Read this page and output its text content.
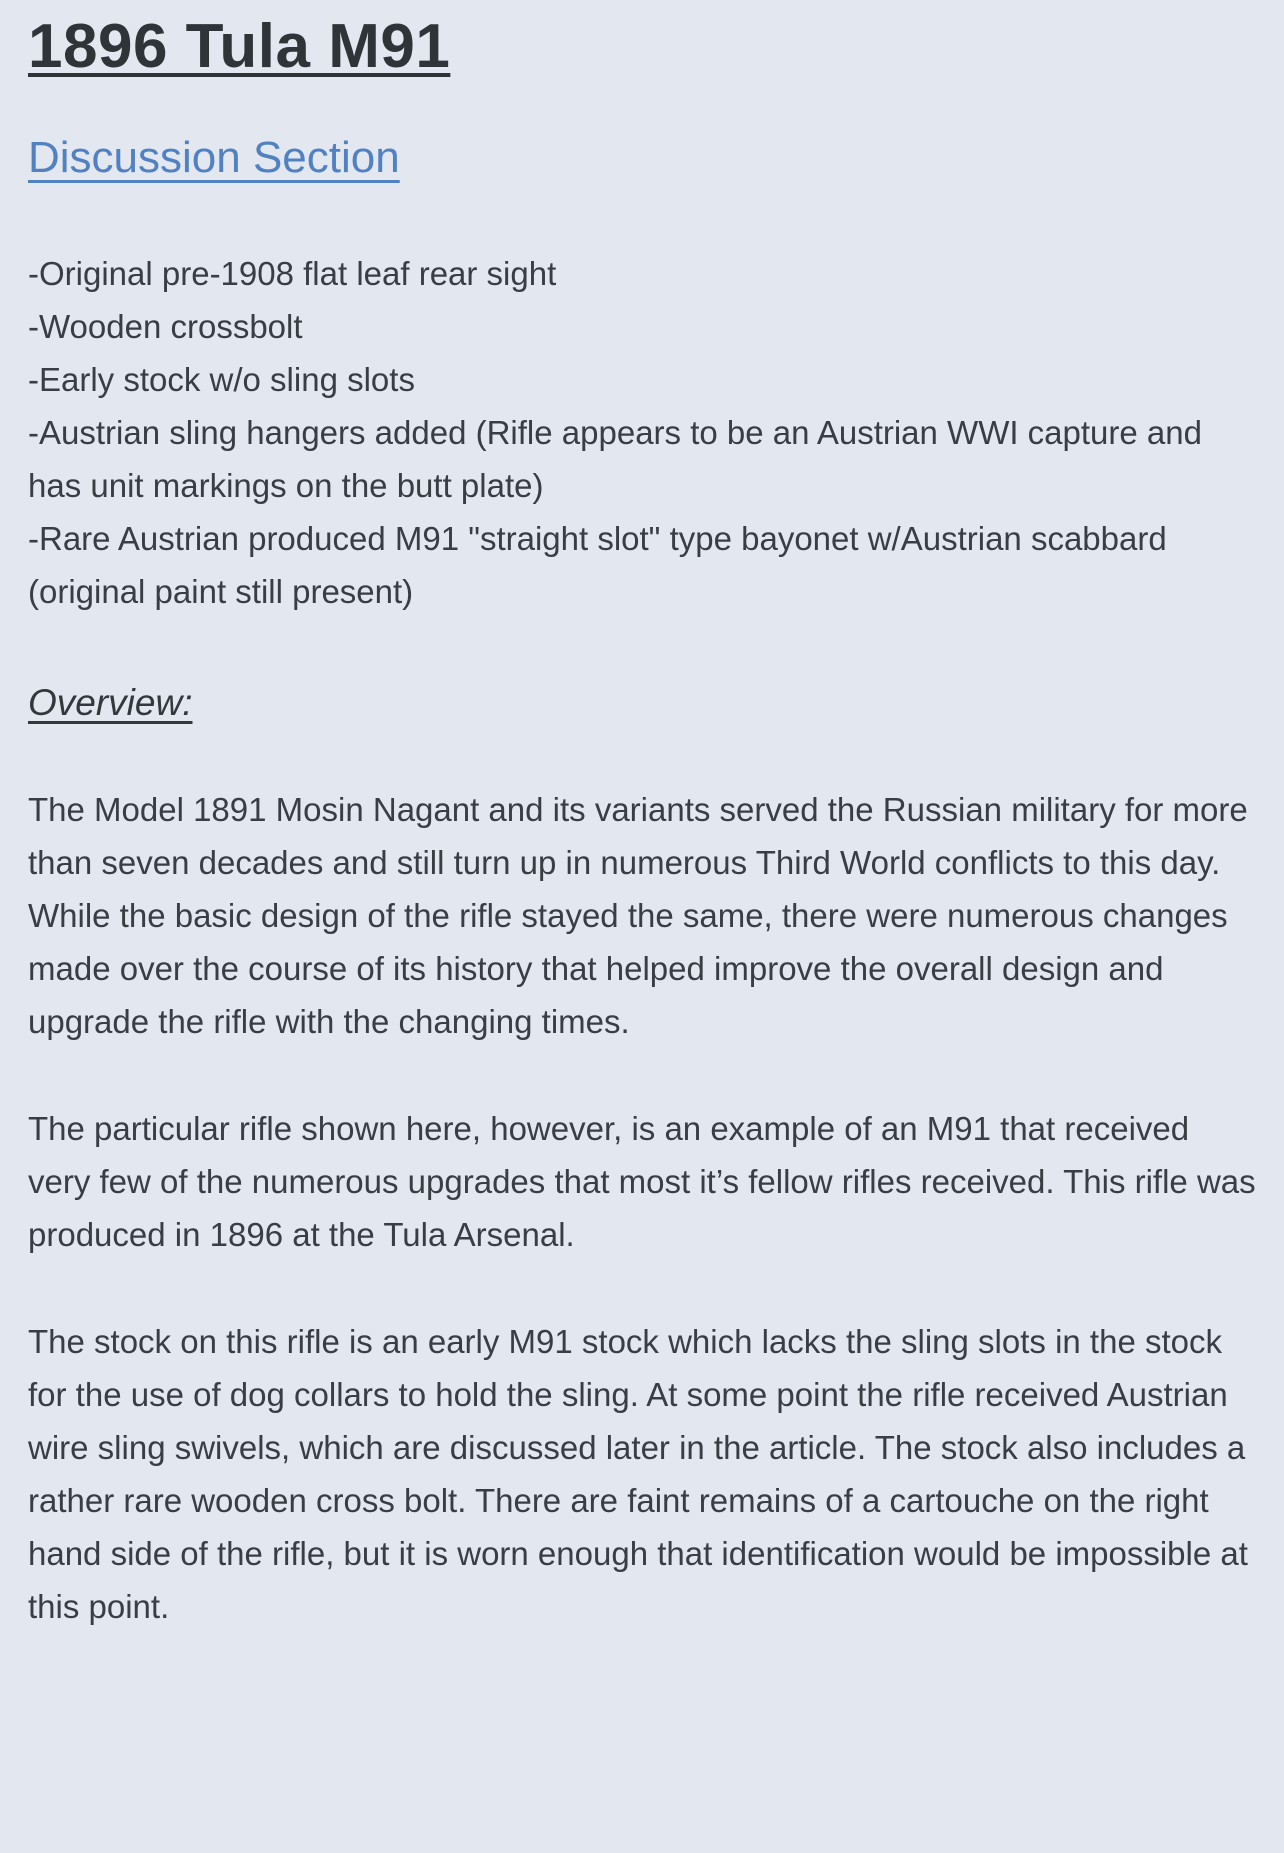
1896 Tula M91
Discussion Section
-Original pre-1908 flat leaf rear sight
-Wooden crossbolt
-Early stock w/o sling slots
-Austrian sling hangers added (Rifle appears to be an Austrian WWI capture and has unit markings on the butt plate)
-Rare Austrian produced M91 "straight slot" type bayonet w/Austrian scabbard (original paint still present)
Overview:

The Model 1891 Mosin Nagant and its variants served the Russian military for more than seven decades and still turn up in numerous Third World conflicts to this day. While the basic design of the rifle stayed the same, there were numerous changes made over the course of its history that helped improve the overall design and upgrade the rifle with the changing times.

The particular rifle shown here, however, is an example of an M91 that received very few of the numerous upgrades that most it’s fellow rifles received. This rifle was produced in 1896 at the Tula Arsenal.

The stock on this rifle is an early M91 stock which lacks the sling slots in the stock for the use of dog collars to hold the sling. At some point the rifle received Austrian wire sling swivels, which are discussed later in the article. The stock also includes a rather rare wooden cross bolt. There are faint remains of a cartouche on the right hand side of the rifle, but it is worn enough that identification would be impossible at this point.
